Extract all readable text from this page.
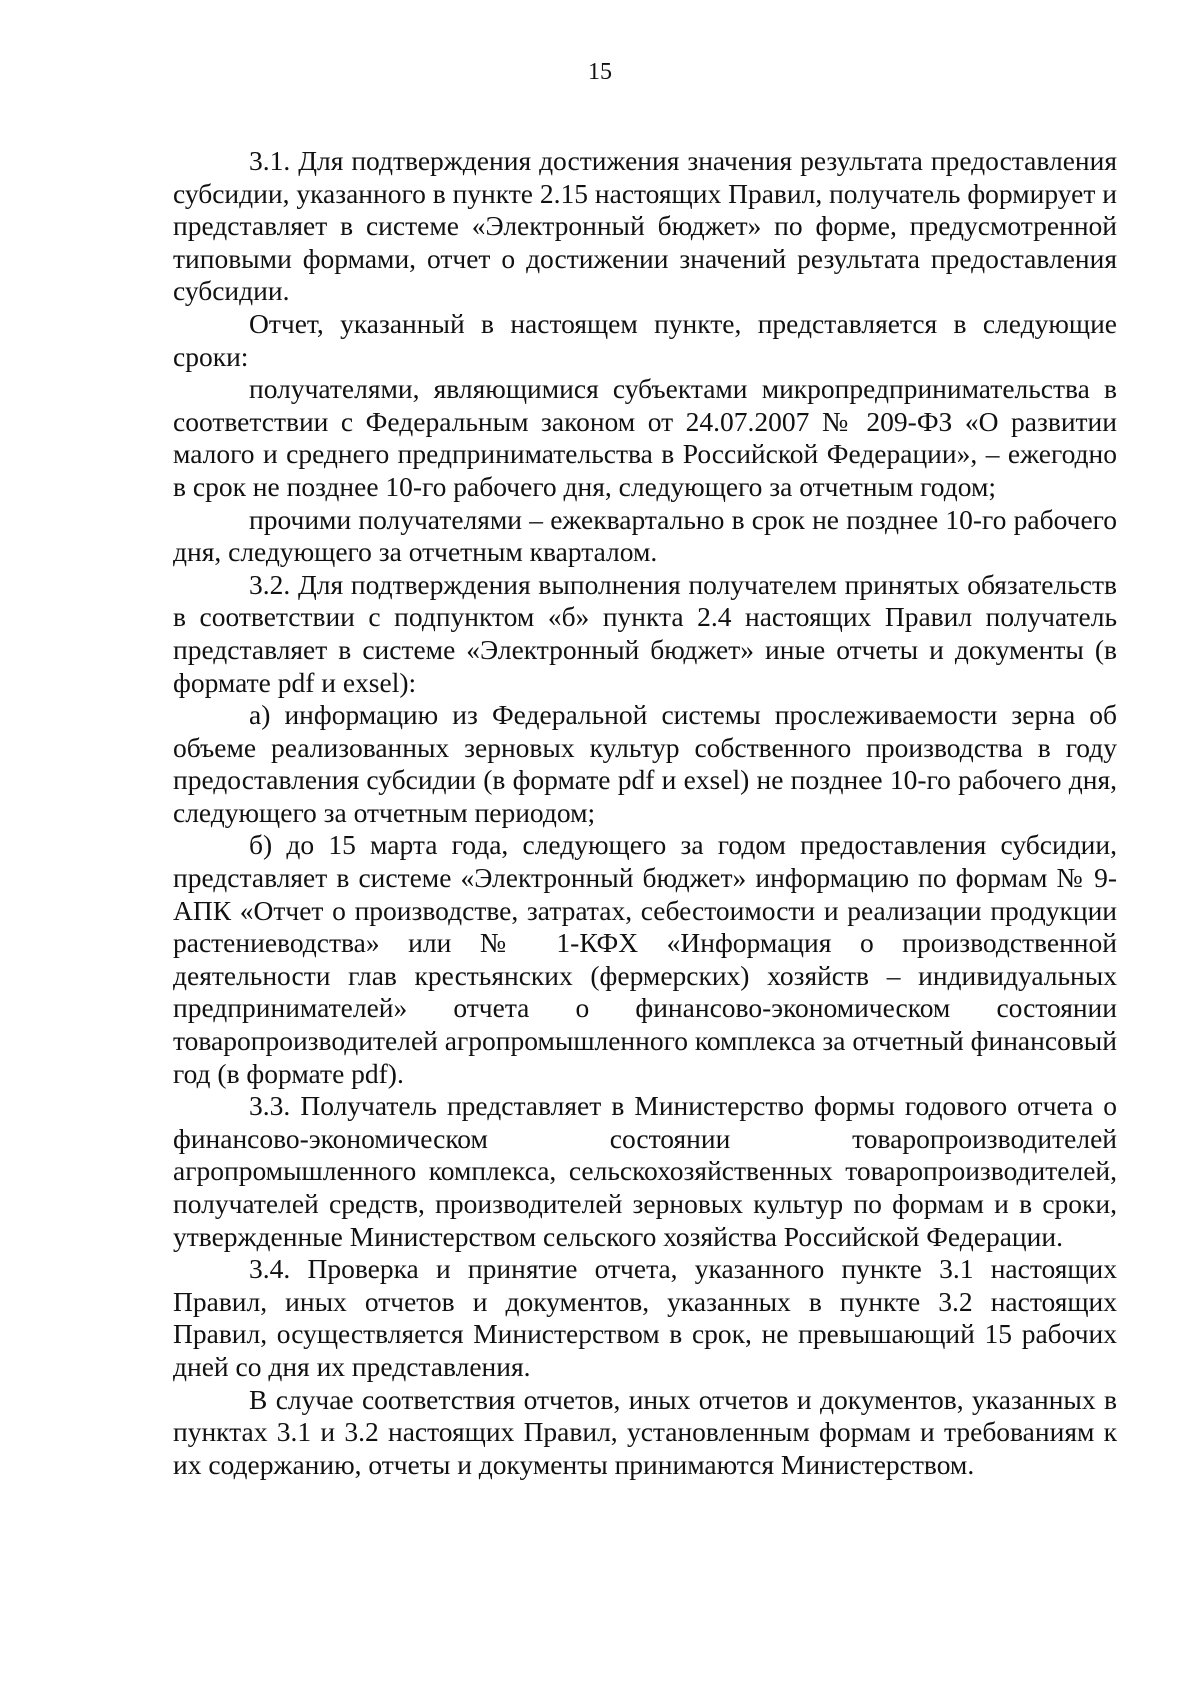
15

3.1. Для подтверждения достижения значения результата предоставления субсидии, указанного в пункте 2.15 настоящих Правил, получатель формирует и представляет в системе «Электронный бюджет» по форме, предусмотренной типовыми формами, отчет о достижении значений результата предоставления субсидии.

Отчет, указанный в настоящем пункте, представляется в следующие сроки:

получателями, являющимися субъектами микропредпринимательства в соответствии с Федеральным законом от 24.07.2007 № 209-ФЗ «О развитии малого и среднего предпринимательства в Российской Федерации», – ежегодно в срок не позднее 10-го рабочего дня, следующего за отчетным годом;

прочими получателями – ежеквартально в срок не позднее 10-го рабочего дня, следующего за отчетным кварталом.

3.2. Для подтверждения выполнения получателем принятых обязательств в соответствии с подпунктом «б» пункта 2.4 настоящих Правил получатель представляет в системе «Электронный бюджет» иные отчеты и документы (в формате pdf и exsel):

а) информацию из Федеральной системы прослеживаемости зерна об объеме реализованных зерновых культур собственного производства в году предоставления субсидии (в формате pdf и exsel) не позднее 10-го рабочего дня, следующего за отчетным периодом;

б) до 15 марта года, следующего за годом предоставления субсидии, представляет в системе «Электронный бюджет» информацию по формам № 9-АПК «Отчет о производстве, затратах, себестоимости и реализации продукции растениеводства» или № 1-КФХ «Информация о производственной деятельности глав крестьянских (фермерских) хозяйств – индивидуальных предпринимателей» отчета о финансово-экономическом состоянии товаропроизводителей агропромышленного комплекса за отчетный финансовый год (в формате pdf).

3.3. Получатель представляет в Министерство формы годового отчета о финансово-экономическом состоянии товаропроизводителей агропромышленного комплекса, сельскохозяйственных товаропроизводителей, получателей средств, производителей зерновых культур по формам и в сроки, утвержденные Министерством сельского хозяйства Российской Федерации.

3.4. Проверка и принятие отчета, указанного пункте 3.1 настоящих Правил, иных отчетов и документов, указанных в пункте 3.2 настоящих Правил, осуществляется Министерством в срок, не превышающий 15 рабочих дней со дня их представления.

В случае соответствия отчетов, иных отчетов и документов, указанных в пунктах 3.1 и 3.2 настоящих Правил, установленным формам и требованиям к их содержанию, отчеты и документы принимаются Министерством.
